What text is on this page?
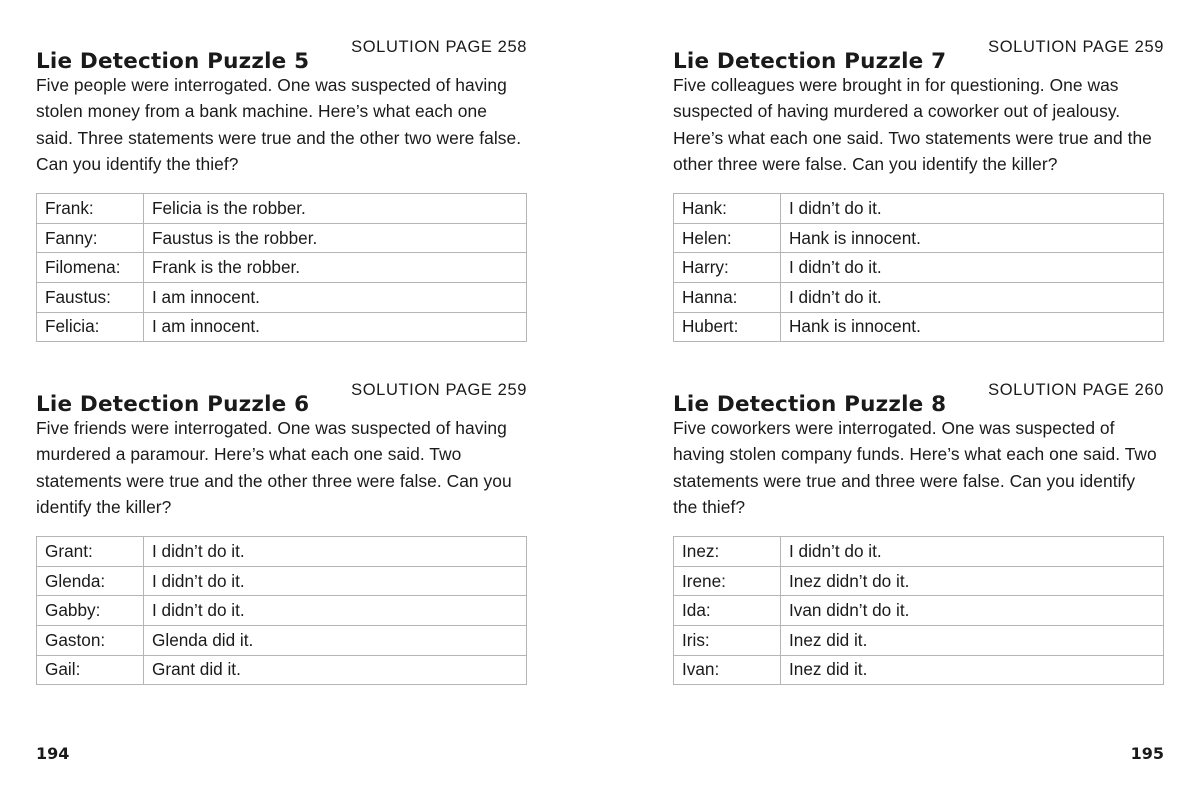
Lie Detection Puzzle 5
SOLUTION PAGE 258

Five people were interrogated. One was suspected of having stolen money from a bank machine. Here’s what each one said. Three statements were true and the other two were false. Can you identify the thief?

Frank:	Felicia is the robber.
Fanny:	Faustus is the robber.
Filomena:	Frank is the robber.
Faustus:	I am innocent.
Felicia:	I am innocent.
Lie Detection Puzzle 6
SOLUTION PAGE 259

Five friends were interrogated. One was suspected of having murdered a paramour. Here’s what each one said. Two statements were true and the other three were false. Can you identify the killer?

Grant:	I didn’t do it.
Glenda:	I didn’t do it.
Gabby:	I didn’t do it.
Gaston:	Glenda did it.
Gail:	Grant did it.
194
Lie Detection Puzzle 7
SOLUTION PAGE 259

Five colleagues were brought in for questioning. One was suspected of having murdered a coworker out of jealousy. Here’s what each one said. Two statements were true and the other three were false. Can you identify the killer?

Hank:	I didn’t do it.
Helen:	Hank is innocent.
Harry:	I didn’t do it.
Hanna:	I didn’t do it.
Hubert:	Hank is innocent.
Lie Detection Puzzle 8
SOLUTION PAGE 260

Five coworkers were interrogated. One was suspected of having stolen company funds. Here’s what each one said. Two statements were true and three were false. Can you identify the thief?

Inez:	I didn’t do it.
Irene:	Inez didn’t do it.
Ida:	Ivan didn’t do it.
Iris:	Inez did it.
Ivan:	Inez did it.
195
